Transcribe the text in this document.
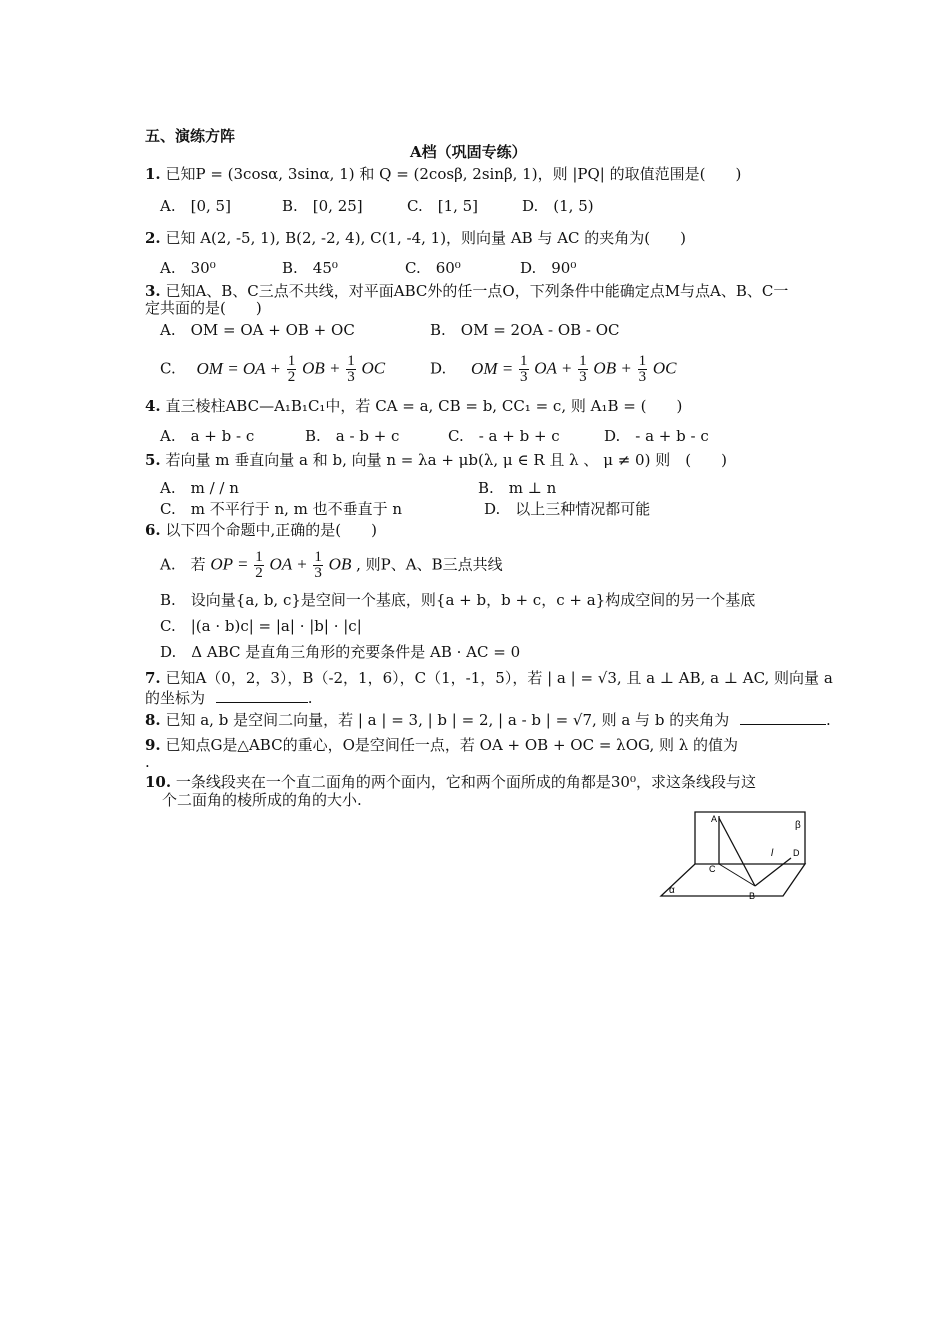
五、演练方阵
A档（巩固专练）
1. 已知P = (3cosα, 3sinα, 1) 和 Q = (2cosβ, 2sinβ, 1)，则 |PQ| 的取值范围是(　　)
A.　[0, 5]	B.　[0, 25]	C.　[1, 5]	D.　(1, 5)
2. 已知 A(2, -5, 1), B(2, -2, 4), C(1, -4, 1)，则向量 AB 与 AC 的夹角为(　　)
A.　30⁰	B.　45⁰	C.　60⁰	D.　90⁰
3. 已知A、B、C三点不共线，对平面ABC外的任一点O，下列条件中能确定点M与点A、B、C一
定共面的是(　　)
A.　OM = OA + OB + OC	B.　OM = 2OA - OB - OC
C. OM = OA + $\frac{1}{2}$ OB + $\frac{1}{3}$ OC	D. OM = $\frac{1}{3}$ OA + $\frac{1}{3}$ OB + $\frac{1}{3}$ OC
4. 直三棱柱ABC—A₁B₁C₁中，若 CA = a, CB = b, CC₁ = c, 则 A₁B = (　　)
A.　a + b - c	B.　a - b + c	C.　- a + b + c	D.　- a + b - c
5. 若向量 m 垂直向量 a 和 b, 向量 n = λa + μb(λ, μ ∈ R 且 λ 、 μ ≠ 0) 则　(　　)
A.　m / / n	B.　m ⊥ n
C.　m 不平行于 n, m 也不垂直于 n	D.　以上三种情况都可能
6. 以下四个命题中,正确的是(　　)
A.　若 OP = $\frac{1}{2}$ OA + $\frac{1}{3}$ OB , 则P、A、B三点共线
B.　设向量{a, b, c}是空间一个基底，则{a + b，b + c，c + a}构成空间的另一个基底
C.　|(a · b)c| = |a| · |b| · |c|
D.　Δ ABC 是直角三角形的充要条件是 AB · AC = 0
7. 已知A（0，2，3），B（-2，1，6），C（1，-1，5），若 | a | = √3, 且 a ⊥ AB, a ⊥ AC, 则向量 a
的坐标为	.
8. 已知 a, b 是空间二向量，若 | a | = 3, | b | = 2, | a - b | = √7, 则 a 与 b 的夹角为	.
9. 已知点G是△ABC的重心，O是空间任一点，若 OA + OB + OC = λOG, 则 λ 的值为
.
10. 一条线段夹在一个直二面角的两个面内，它和两个面所成的角都是30⁰，求这条线段与这
个二面角的棱所成的角的大小.
A
C
B
D
l
β
α
